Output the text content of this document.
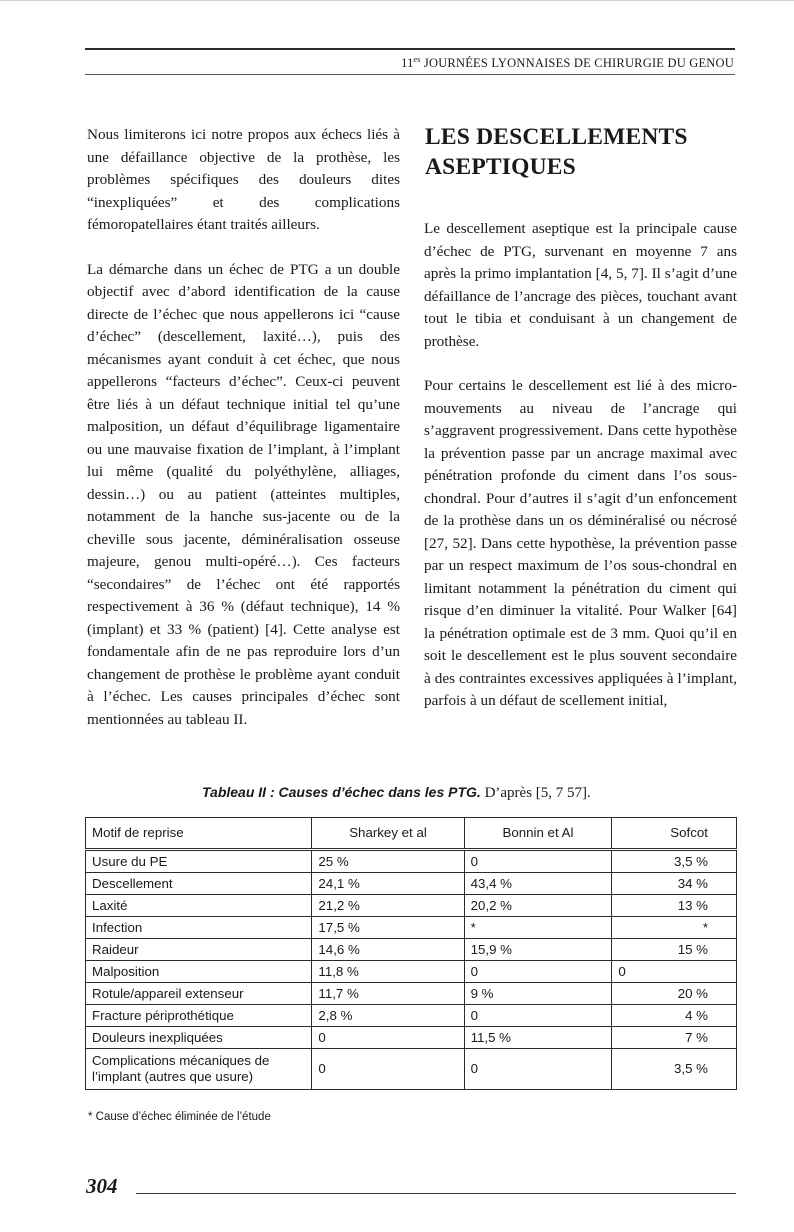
$11^{es}$ JOURNÉES LYONNAISES DE CHIRURGIE DU GENOU

Nous limiterons ici notre propos aux échecs liés à une défaillance objective de la prothèse, les problèmes spécifiques des douleurs dites “inexpliquées” et des complications fémoropatellaires étant traités ailleurs.

La démarche dans un échec de PTG a un double objectif avec d’abord identification de la cause directe de l’échec que nous appellerons ici “cause d’échec” (descellement, laxité…), puis des mécanismes ayant conduit à cet échec, que nous appellerons “facteurs d’échec”. Ceux-ci peuvent être liés à un défaut technique initial tel qu’une malposition, un défaut d’équilibrage ligamentaire ou une mauvaise fixation de l’implant, à l’implant lui même (qualité du polyéthylène, alliages, dessin…) ou au patient (atteintes multiples, notamment de la hanche sus-jacente ou de la cheville sous jacente, déminéralisation osseuse majeure, genou multi-opéré…). Ces facteurs “secondaires” de l’échec ont été rapportés respectivement à 36 % (défaut technique), 14 % (implant) et 33 % (patient) [4]. Cette analyse est fondamentale afin de ne pas reproduire lors d’un changement de prothèse le problème ayant conduit à l’échec. Les causes principales d’échec sont mentionnées au tableau II.

LES DESCELLEMENTS ASEPTIQUES

Le descellement aseptique est la principale cause d’échec de PTG, survenant en moyenne 7 ans après la primo implantation [4, 5, 7]. Il s’agit d’une défaillance de l’ancrage des pièces, touchant avant tout le tibia et conduisant à un changement de prothèse.

Pour certains le descellement est lié à des micro-mouvements au niveau de l’ancrage qui s’aggravent progressivement. Dans cette hypothèse la prévention passe par un ancrage maximal avec pénétration profonde du ciment dans l’os sous-chondral. Pour d’autres il s’agit d’un enfoncement de la prothèse dans un os déminéralisé ou nécrosé [27, 52]. Dans cette hypothèse, la prévention passe par un respect maximum de l’os sous-chondral en limitant notamment la pénétration du ciment qui risque d’en diminuer la vitalité. Pour Walker [64] la pénétration optimale est de 3 mm. Quoi qu’il en soit le descellement est le plus souvent secondaire à des contraintes excessives appliquées à l’implant, parfois à un défaut de scellement initial,

Tableau II : Causes d’échec dans les PTG. D’après [5, 7 57].
Motif de reprise	Sharkey et al	Bonnin et Al	Sofcot
Usure du PE	25 %	0	3,5 %
Descellement	24,1 %	43,4 %	34 %
Laxité	21,2 %	20,2 %	13 %
Infection	17,5 %	*	*
Raideur	14,6 %	15,9 %	15 %
Malposition	11,8 %	0	0
Rotule/appareil extenseur	11,7 %	9 %	20 %
Fracture périprothétique	2,8 %	0	4 %
Douleurs inexpliquées	0	11,5 %	7 %
Complications mécaniques de l’implant (autres que usure)	0	0	3,5 %
* Cause d’échec éliminée de l’étude
304
